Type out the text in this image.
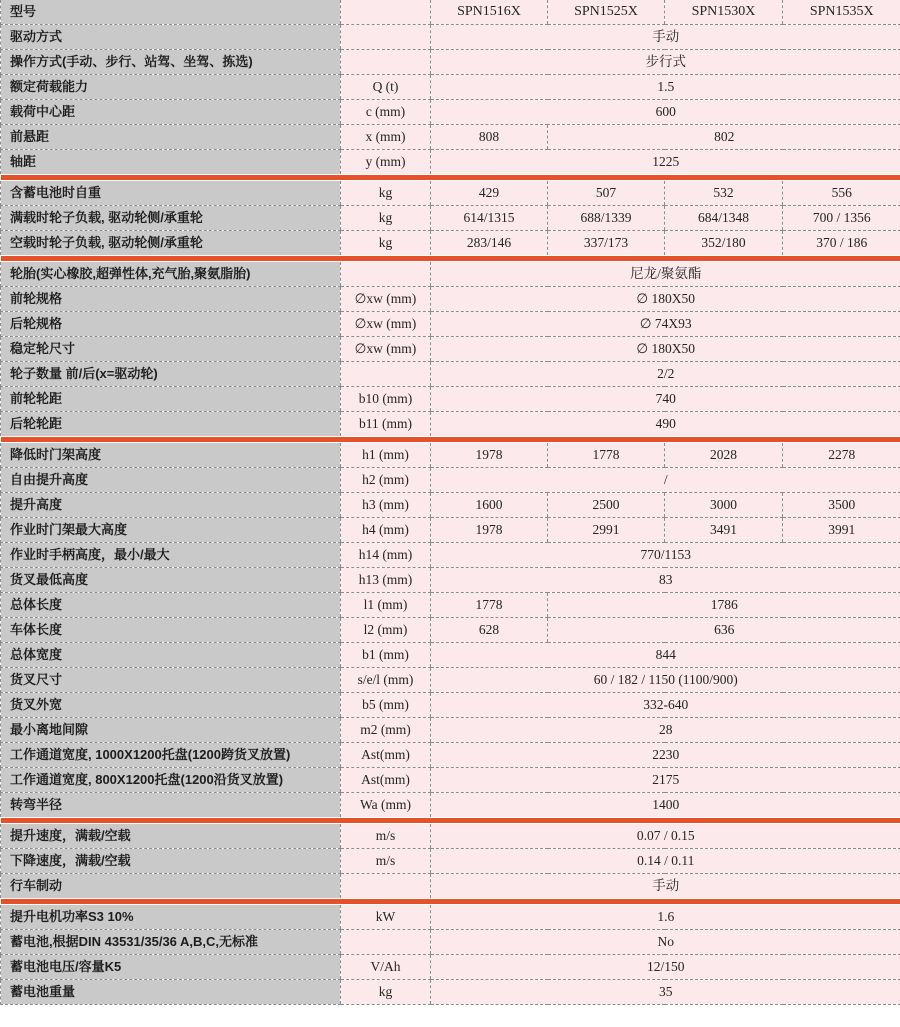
型号		SPN1516X	SPN1525X	SPN1530X	SPN1535X
驱动方式		手动			
操作方式(手动、步行、站驾、坐驾、拣选)		步行式			
额定荷载能力	Q (t)	1.5			
载荷中心距	c (mm)	600			
前悬距	x (mm)	808	802		
轴距	y (mm)	1225			

含蓄电池时自重	kg	429	507	532	556
满载时轮子负载, 驱动轮侧/承重轮	kg	614/1315	688/1339	684/1348	700 / 1356
空载时轮子负载, 驱动轮侧/承重轮	kg	283/146	337/173	352/180	370 / 186

轮胎(实心橡胶,超弹性体,充气胎,聚氨脂胎)		尼龙/聚氨酯			
前轮规格	∅xw (mm)	∅ 180X50			
后轮规格	∅xw (mm)	∅ 74X93			
稳定轮尺寸	∅xw (mm)	∅ 180X50			
轮子数量 前/后(x=驱动轮)		2/2			
前轮轮距	b10 (mm)	740			
后轮轮距	b11 (mm)	490			

降低时门架高度	h1 (mm)	1978	1778	2028	2278
自由提升高度	h2 (mm)	/			
提升高度	h3 (mm)	1600	2500	3000	3500
作业时门架最大高度	h4 (mm)	1978	2991	3491	3991
作业时手柄高度，最小/最大	h14 (mm)	770/1153			
货叉最低高度	h13 (mm)	83			
总体长度	l1 (mm)	1778	1786		
车体长度	l2 (mm)	628	636		
总体宽度	b1 (mm)	844			
货叉尺寸	s/e/l (mm)	60 / 182 / 1150 (1100/900)			
货叉外宽	b5 (mm)	332-640			
最小离地间隙	m2 (mm)	28			
工作通道宽度, 1000X1200托盘(1200跨货叉放置)	Ast(mm)	2230			
工作通道宽度, 800X1200托盘(1200沿货叉放置)	Ast(mm)	2175			
转弯半径	Wa (mm)	1400			

提升速度，满载/空载	m/s	0.07 / 0.15			
下降速度，满载/空载	m/s	0.14 / 0.11			
行车制动		手动			

提升电机功率S3 10%	kW	1.6			
蓄电池,根据DIN 43531/35/36 A,B,C,无标准		No			
蓄电池电压/容量K5	V/Ah	12/150			
蓄电池重量	kg	35			
